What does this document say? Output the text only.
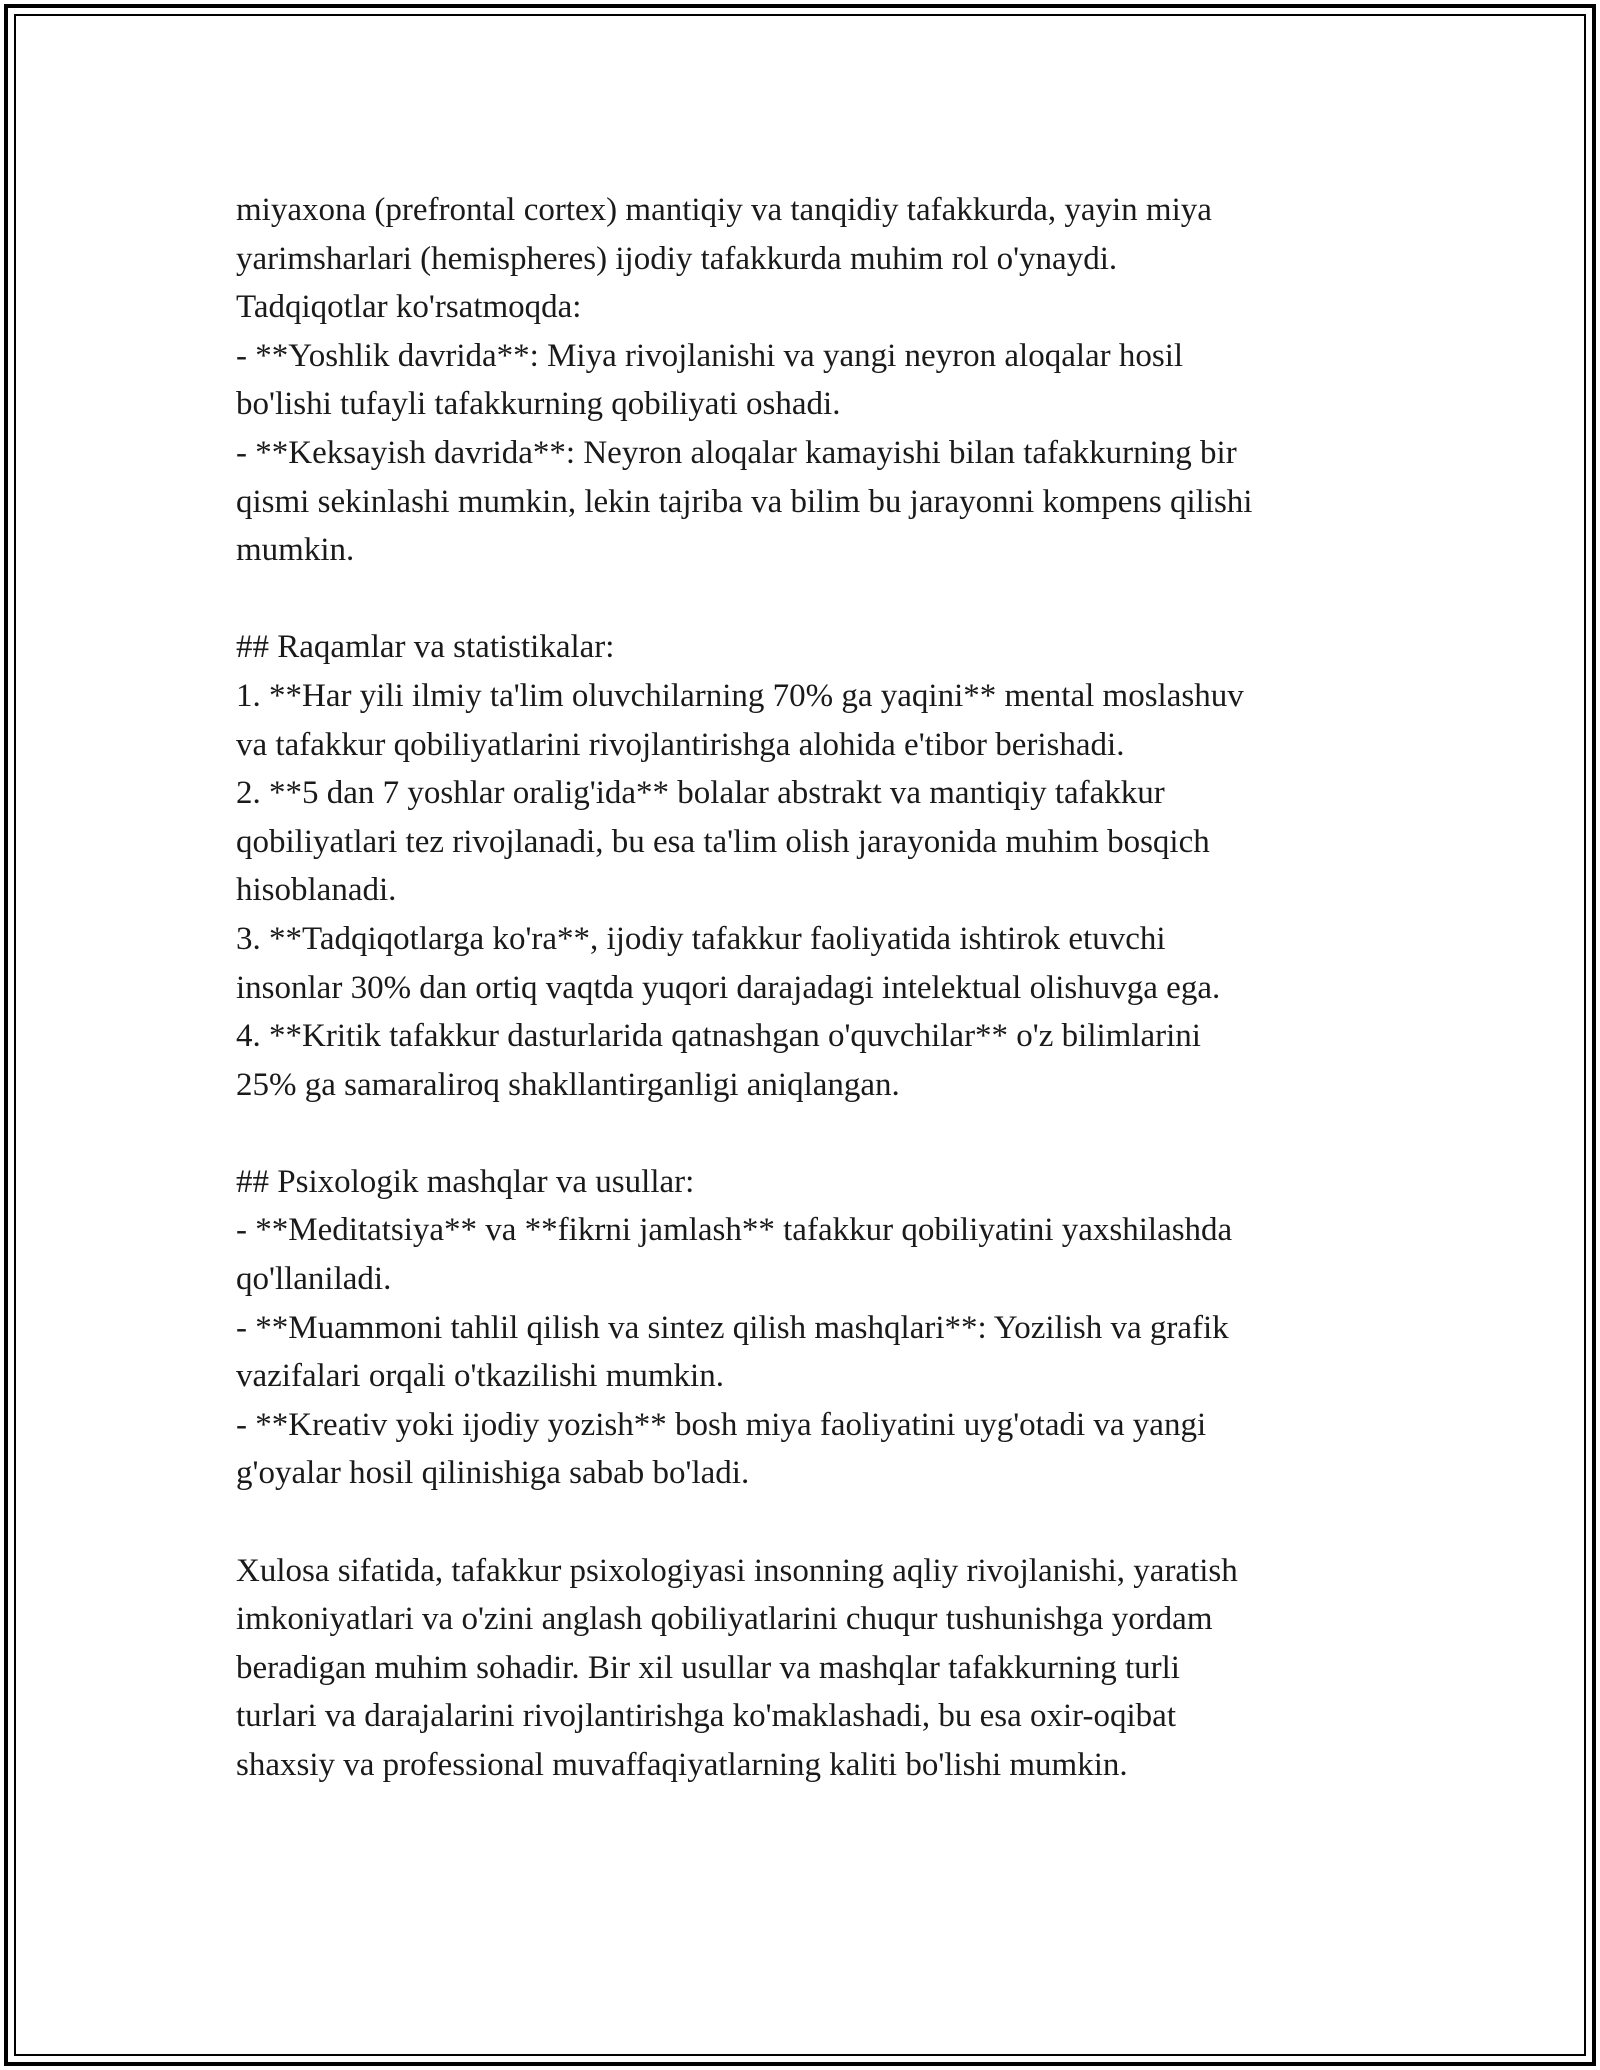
miyaxona (prefrontal cortex) mantiqiy va tanqidiy tafakkurda, yayin miya
yarimsharlari (hemispheres) ijodiy tafakkurda muhim rol o'ynaydi.
Tadqiqotlar ko'rsatmoqda:
- **Yoshlik davrida**: Miya rivojlanishi va yangi neyron aloqalar hosil
bo'lishi tufayli tafakkurning qobiliyati oshadi.
- **Keksayish davrida**: Neyron aloqalar kamayishi bilan tafakkurning bir
qismi sekinlashi mumkin, lekin tajriba va bilim bu jarayonni kompens qilishi
mumkin.
## Raqamlar va statistikalar:
1. **Har yili ilmiy ta'lim oluvchilarning 70% ga yaqini** mental moslashuv
va tafakkur qobiliyatlarini rivojlantirishga alohida e'tibor berishadi.
2. **5 dan 7 yoshlar oralig'ida** bolalar abstrakt va mantiqiy tafakkur
qobiliyatlari tez rivojlanadi, bu esa ta'lim olish jarayonida muhim bosqich
hisoblanadi.
3. **Tadqiqotlarga ko'ra**, ijodiy tafakkur faoliyatida ishtirok etuvchi
insonlar 30% dan ortiq vaqtda yuqori darajadagi intelektual olishuvga ega.
4. **Kritik tafakkur dasturlarida qatnashgan o'quvchilar** o'z bilimlarini
25% ga samaraliroq shakllantirganligi aniqlangan.
## Psixologik mashqlar va usullar:
- **Meditatsiya** va **fikrni jamlash** tafakkur qobiliyatini yaxshilashda
qo'llaniladi.
- **Muammoni tahlil qilish va sintez qilish mashqlari**: Yozilish va grafik
vazifalari orqali o'tkazilishi mumkin.
- **Kreativ yoki ijodiy yozish** bosh miya faoliyatini uyg'otadi va yangi
g'oyalar hosil qilinishiga sabab bo'ladi.
Xulosa sifatida, tafakkur psixologiyasi insonning aqliy rivojlanishi, yaratish
imkoniyatlari va o'zini anglash qobiliyatlarini chuqur tushunishga yordam
beradigan muhim sohadir. Bir xil usullar va mashqlar tafakkurning turli
turlari va darajalarini rivojlantirishga ko'maklashadi, bu esa oxir-oqibat
shaxsiy va professional muvaffaqiyatlarning kaliti bo'lishi mumkin.
